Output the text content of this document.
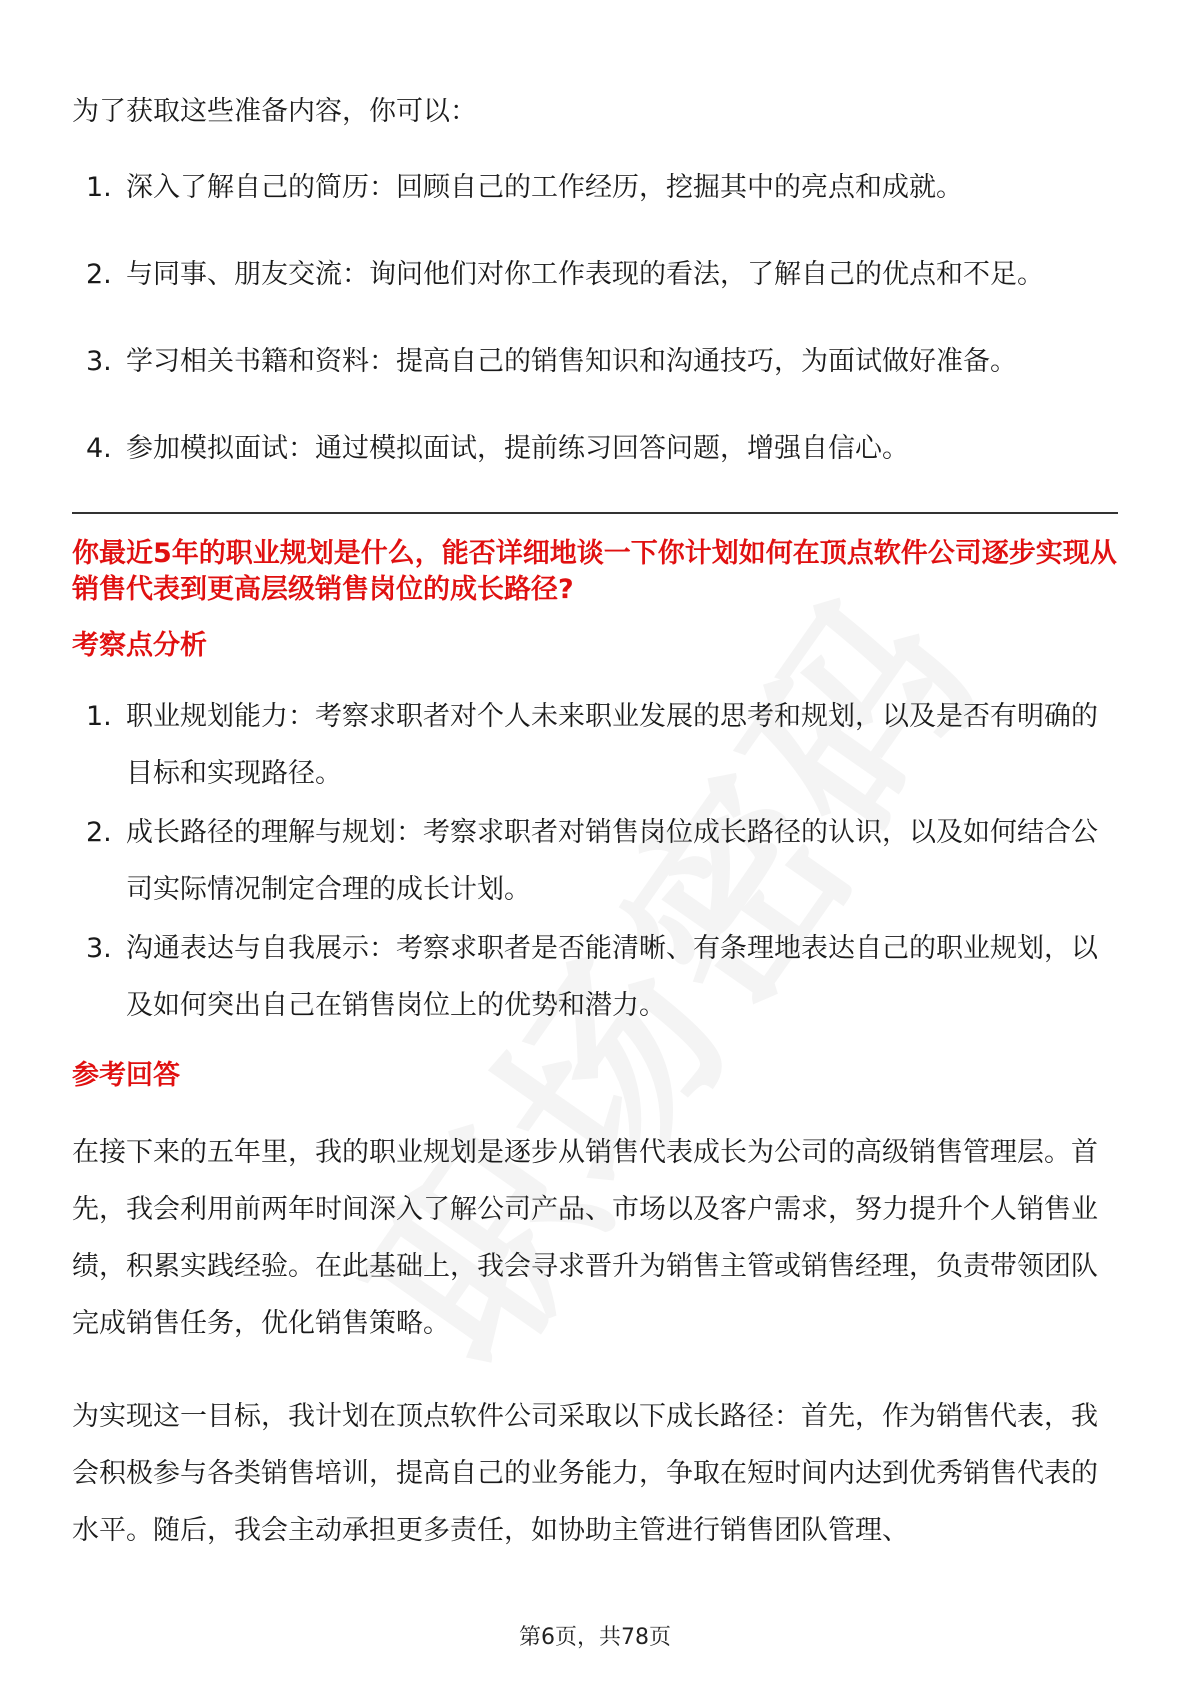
为了获取这些准备内容，你可以：

1. 深入了解自己的简历：回顾自己的工作经历，挖掘其中的亮点和成就。
2. 与同事、朋友交流：询问他们对你工作表现的看法，了解自己的优点和不足。
3. 学习相关书籍和资料：提高自己的销售知识和沟通技巧，为面试做好准备。
4. 参加模拟面试：通过模拟面试，提前练习回答问题，增强自信心。
你最近5年的职业规划是什么，能否详细地谈一下你计划如何在顶点软件公司逐步实现从销售代表到更高层级销售岗位的成长路径?
考察点分析
1. 职业规划能力：考察求职者对个人未来职业发展的思考和规划，以及是否有明确的目标和实现路径。
2. 成长路径的理解与规划：考察求职者对销售岗位成长路径的认识，以及如何结合公司实际情况制定合理的成长计划。
3. 沟通表达与自我展示：考察求职者是否能清晰、有条理地表达自己的职业规划，以及如何突出自己在销售岗位上的优势和潜力。
参考回答

在接下来的五年里，我的职业规划是逐步从销售代表成长为公司的高级销售管理层。首先，我会利用前两年时间深入了解公司产品、市场以及客户需求，努力提升个人销售业绩，积累实践经验。在此基础上，我会寻求晋升为销售主管或销售经理，负责带领团队完成销售任务，优化销售策略。

为实现这一目标，我计划在顶点软件公司采取以下成长路径：首先，作为销售代表，我会积极参与各类销售培训，提高自己的业务能力，争取在短时间内达到优秀销售代表的水平。随后，我会主动承担更多责任，如协助主管进行销售团队管理、

第6页，共78页
